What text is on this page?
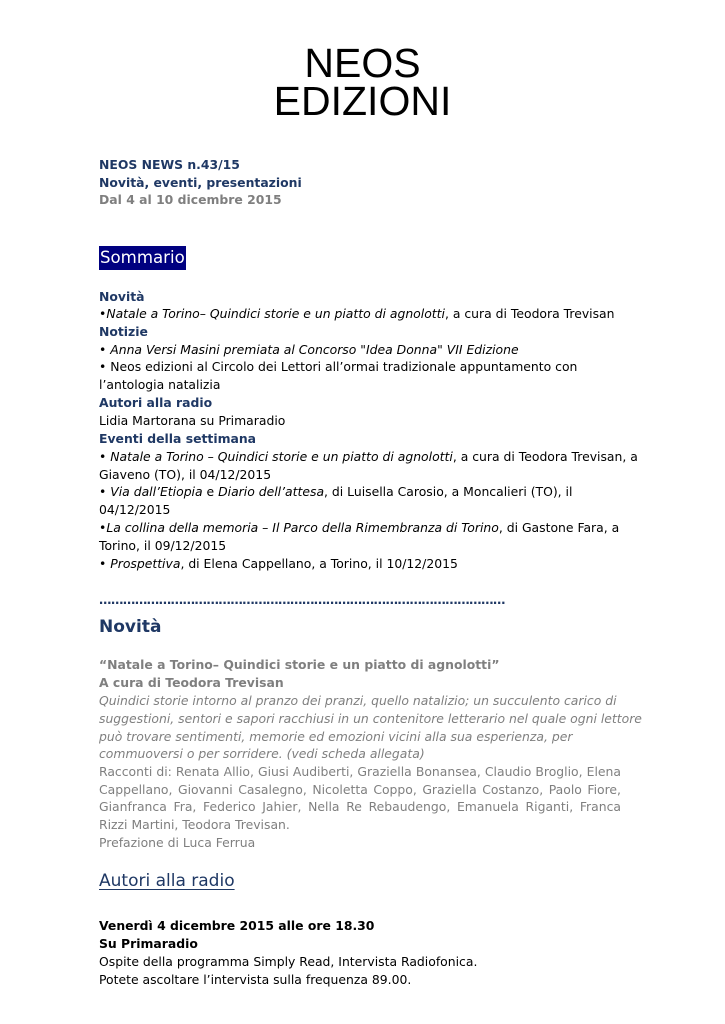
NEOS
EDIZIONI
NEOS NEWS n.43/15
Novità, eventi, presentazioni
Dal 4 al 10 dicembre 2015
Sommario
Novità
•Natale a Torino– Quindici storie e un piatto di agnolotti, a cura di Teodora Trevisan
Notizie
• Anna Versi Masini premiata al Concorso "Idea Donna" VII Edizione
• Neos edizioni al Circolo dei Lettori all’ormai tradizionale appuntamento con
l’antologia natalizia
Autori alla radio
Lidia Martorana su Primaradio
Eventi della settimana
• Natale a Torino – Quindici storie e un piatto di agnolotti, a cura di Teodora Trevisan, a
Giaveno (TO), il 04/12/2015
• Via dall’Etiopia e Diario dell’attesa, di Luisella Carosio, a Moncalieri (TO), il
04/12/2015
•La collina della memoria – Il Parco della Rimembranza di Torino, di Gastone Fara, a
Torino, il 09/12/2015
• Prospettiva, di Elena Cappellano, a Torino, il 10/12/2015
…………………………………………………………………………………………
Novità
“Natale a Torino– Quindici storie e un piatto di agnolotti”
A cura di Teodora Trevisan
Quindici storie intorno al pranzo dei pranzi, quello natalizio; un succulento carico di
suggestioni, sentori e sapori racchiusi in un contenitore letterario nel quale ogni lettore
può trovare sentimenti, memorie ed emozioni vicini alla sua esperienza, per
commuoversi o per sorridere. (vedi scheda allegata)
Racconti di: Renata Allio, Giusi Audiberti, Graziella Bonansea, Claudio Broglio, Elena Cappellano, Giovanni Casalegno, Nicoletta Coppo, Graziella Costanzo, Paolo Fiore, Gianfranca Fra, Federico Jahier, Nella Re Rebaudengo, Emanuela Riganti, Franca Rizzi Martini, Teodora Trevisan.
Prefazione di Luca Ferrua
Autori alla radio
Venerdì 4 dicembre 2015 alle ore 18.30
Su Primaradio
Ospite della programma Simply Read, Intervista Radiofonica.
Potete ascoltare l’intervista sulla frequenza 89.00.
